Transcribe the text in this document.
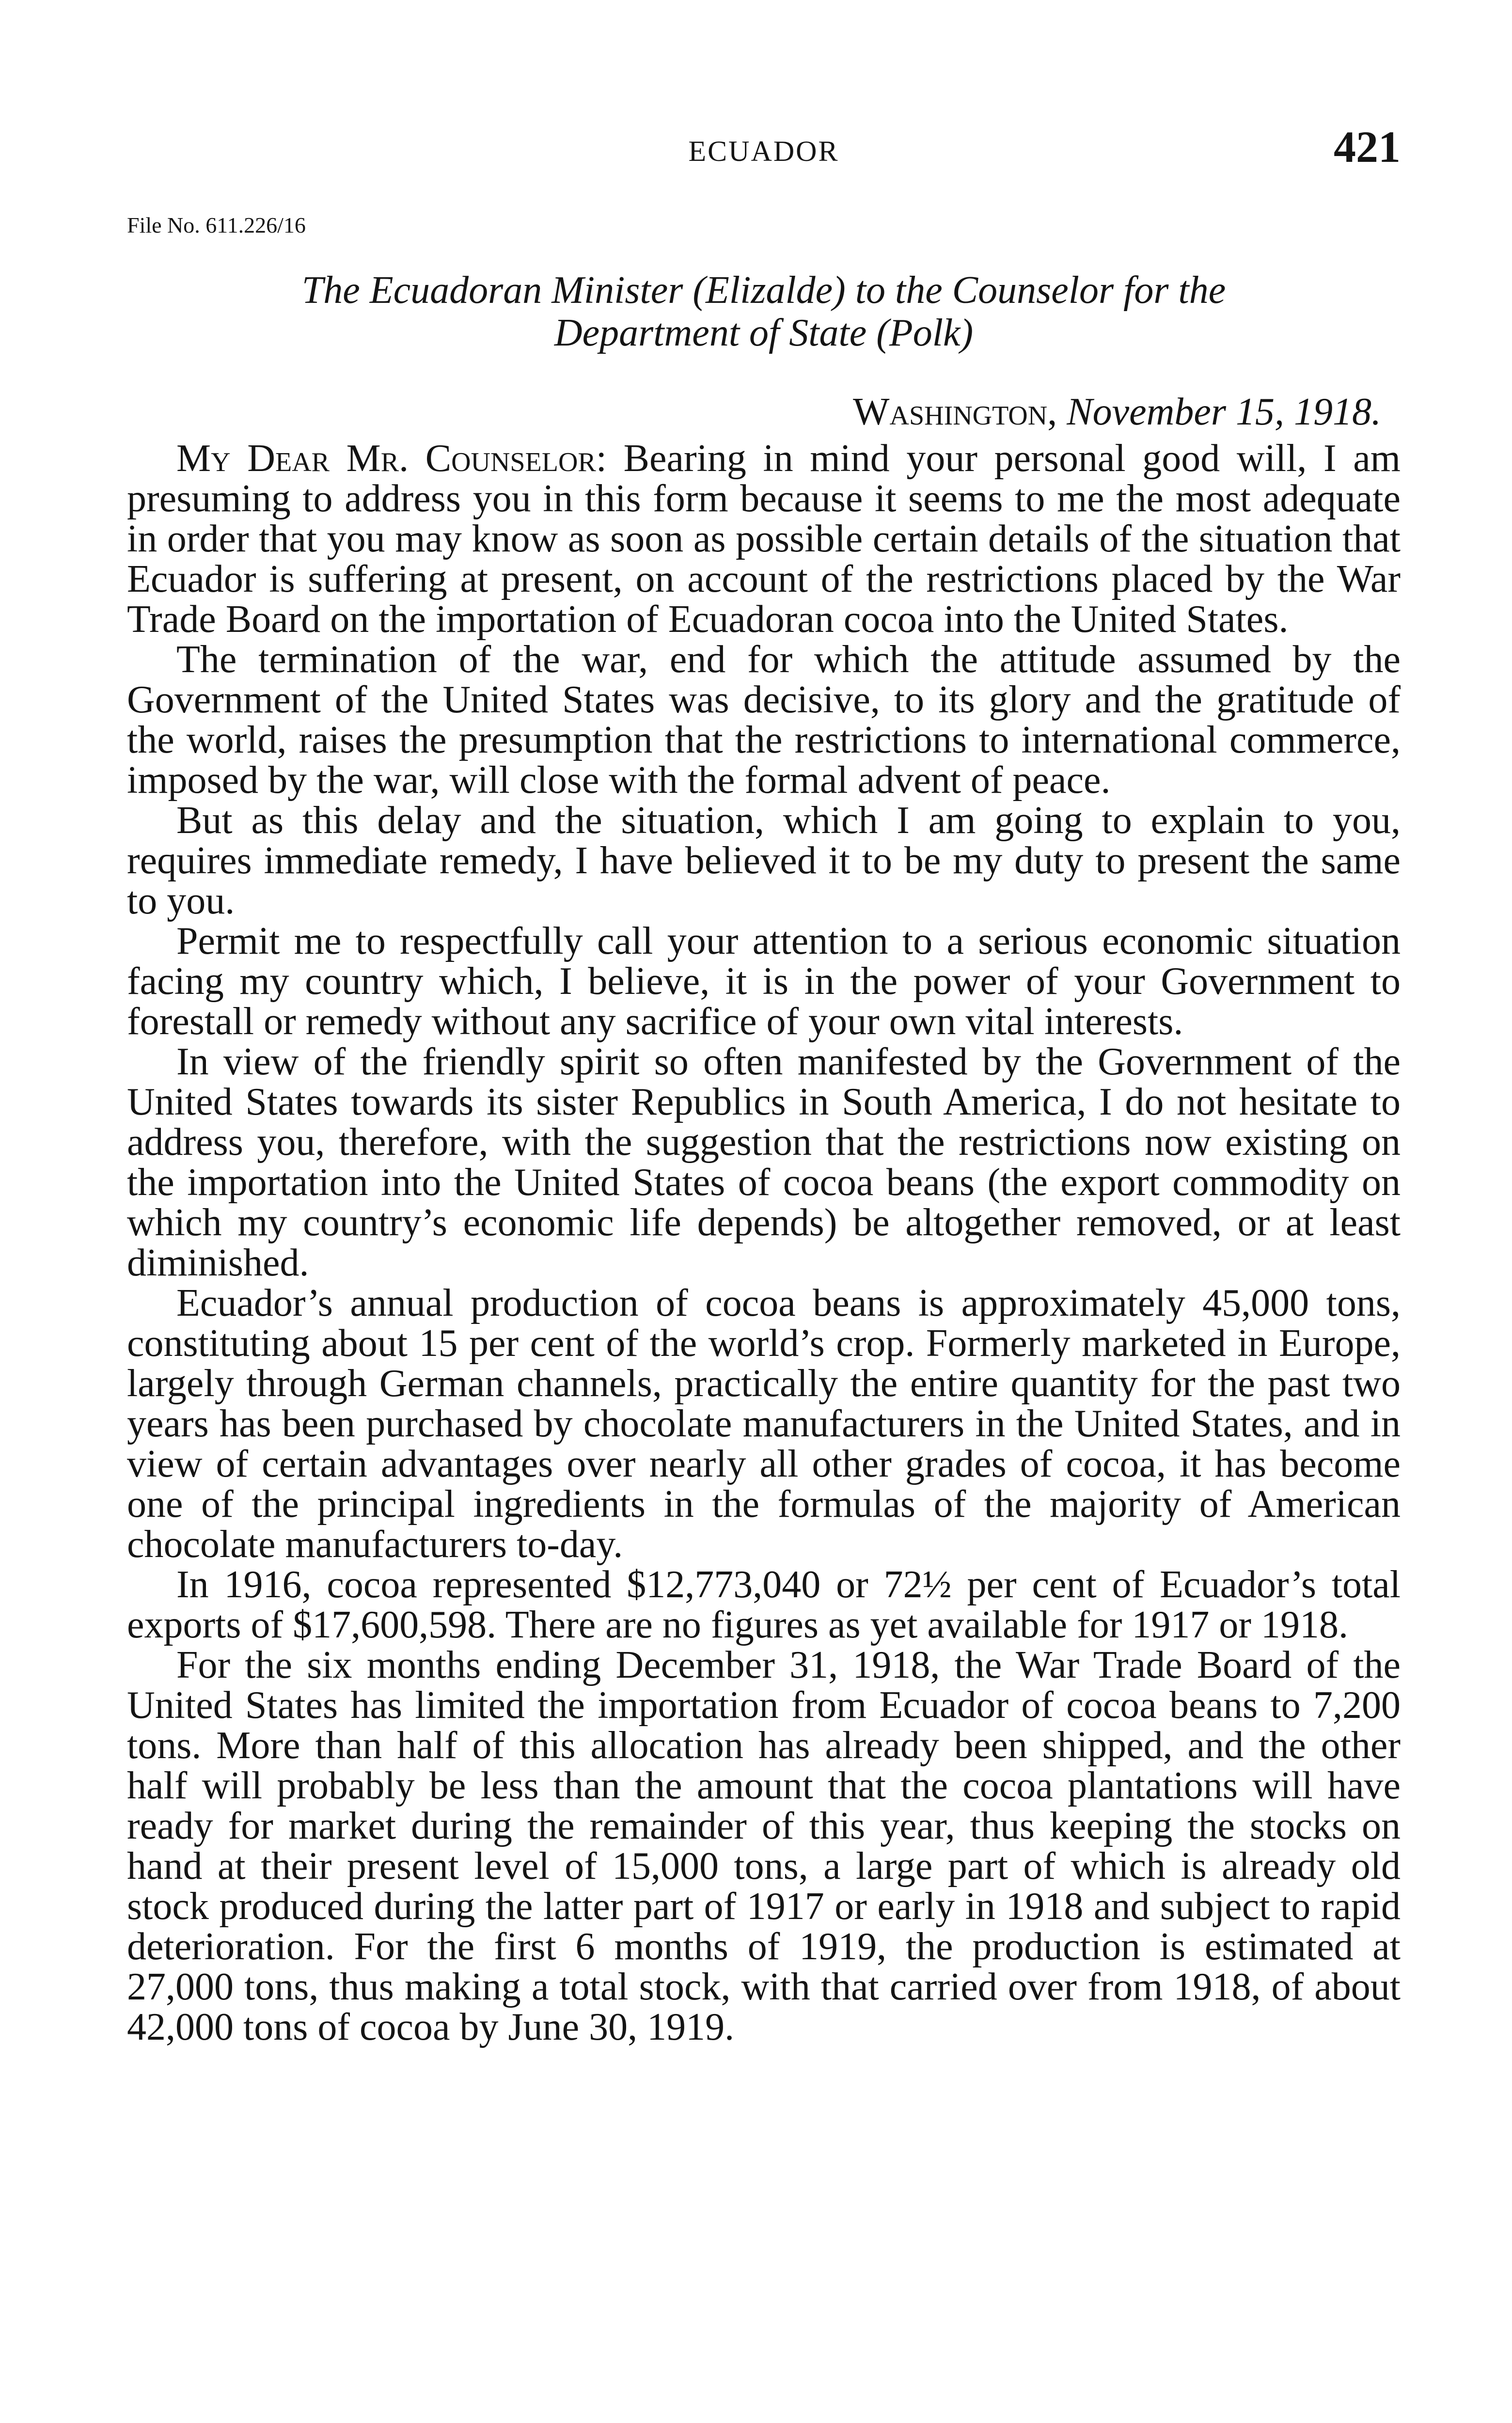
ECUADOR	421
File No. 611.226/16
The Ecuadoran Minister (Elizalde) to the Counselor for the
Department of State (Polk)
Washington, November 15, 1918.

My Dear Mr. Counselor: Bearing in mind your personal good will, I am presuming to address you in this form because it seems to me the most adequate in order that you may know as soon as possible certain details of the situation that Ecuador is suffering at present, on account of the restrictions placed by the War Trade Board on the importation of Ecuadoran cocoa into the United States.

The termination of the war, end for which the attitude assumed by the Government of the United States was decisive, to its glory and the gratitude of the world, raises the presumption that the restrictions to international commerce, imposed by the war, will close with the formal advent of peace.

But as this delay and the situation, which I am going to explain to you, requires immediate remedy, I have believed it to be my duty to present the same to you.

Permit me to respectfully call your attention to a serious economic situation facing my country which, I believe, it is in the power of your Government to forestall or remedy without any sacrifice of your own vital interests.

In view of the friendly spirit so often manifested by the Government of the United States towards its sister Republics in South America, I do not hesitate to address you, therefore, with the suggestion that the restrictions now existing on the importation into the United States of cocoa beans (the export commodity on which my country’s economic life depends) be altogether removed, or at least diminished.

Ecuador’s annual production of cocoa beans is approximately 45,000 tons, constituting about 15 per cent of the world’s crop. Formerly marketed in Europe, largely through German channels, practically the entire quantity for the past two years has been purchased by chocolate manufacturers in the United States, and in view of certain advantages over nearly all other grades of cocoa, it has become one of the principal ingredients in the formulas of the majority of American chocolate manufacturers to-day.

In 1916, cocoa represented $12,773,040 or 72½ per cent of Ecuador’s total exports of $17,600,598. There are no figures as yet available for 1917 or 1918.

For the six months ending December 31, 1918, the War Trade Board of the United States has limited the importation from Ecuador of cocoa beans to 7,200 tons. More than half of this allocation has already been shipped, and the other half will probably be less than the amount that the cocoa plantations will have ready for market during the remainder of this year, thus keeping the stocks on hand at their present level of 15,000 tons, a large part of which is already old stock produced during the latter part of 1917 or early in 1918 and subject to rapid deterioration. For the first 6 months of 1919, the production is estimated at 27,000 tons, thus making a total stock, with that carried over from 1918, of about 42,000 tons of cocoa by June 30, 1919.
